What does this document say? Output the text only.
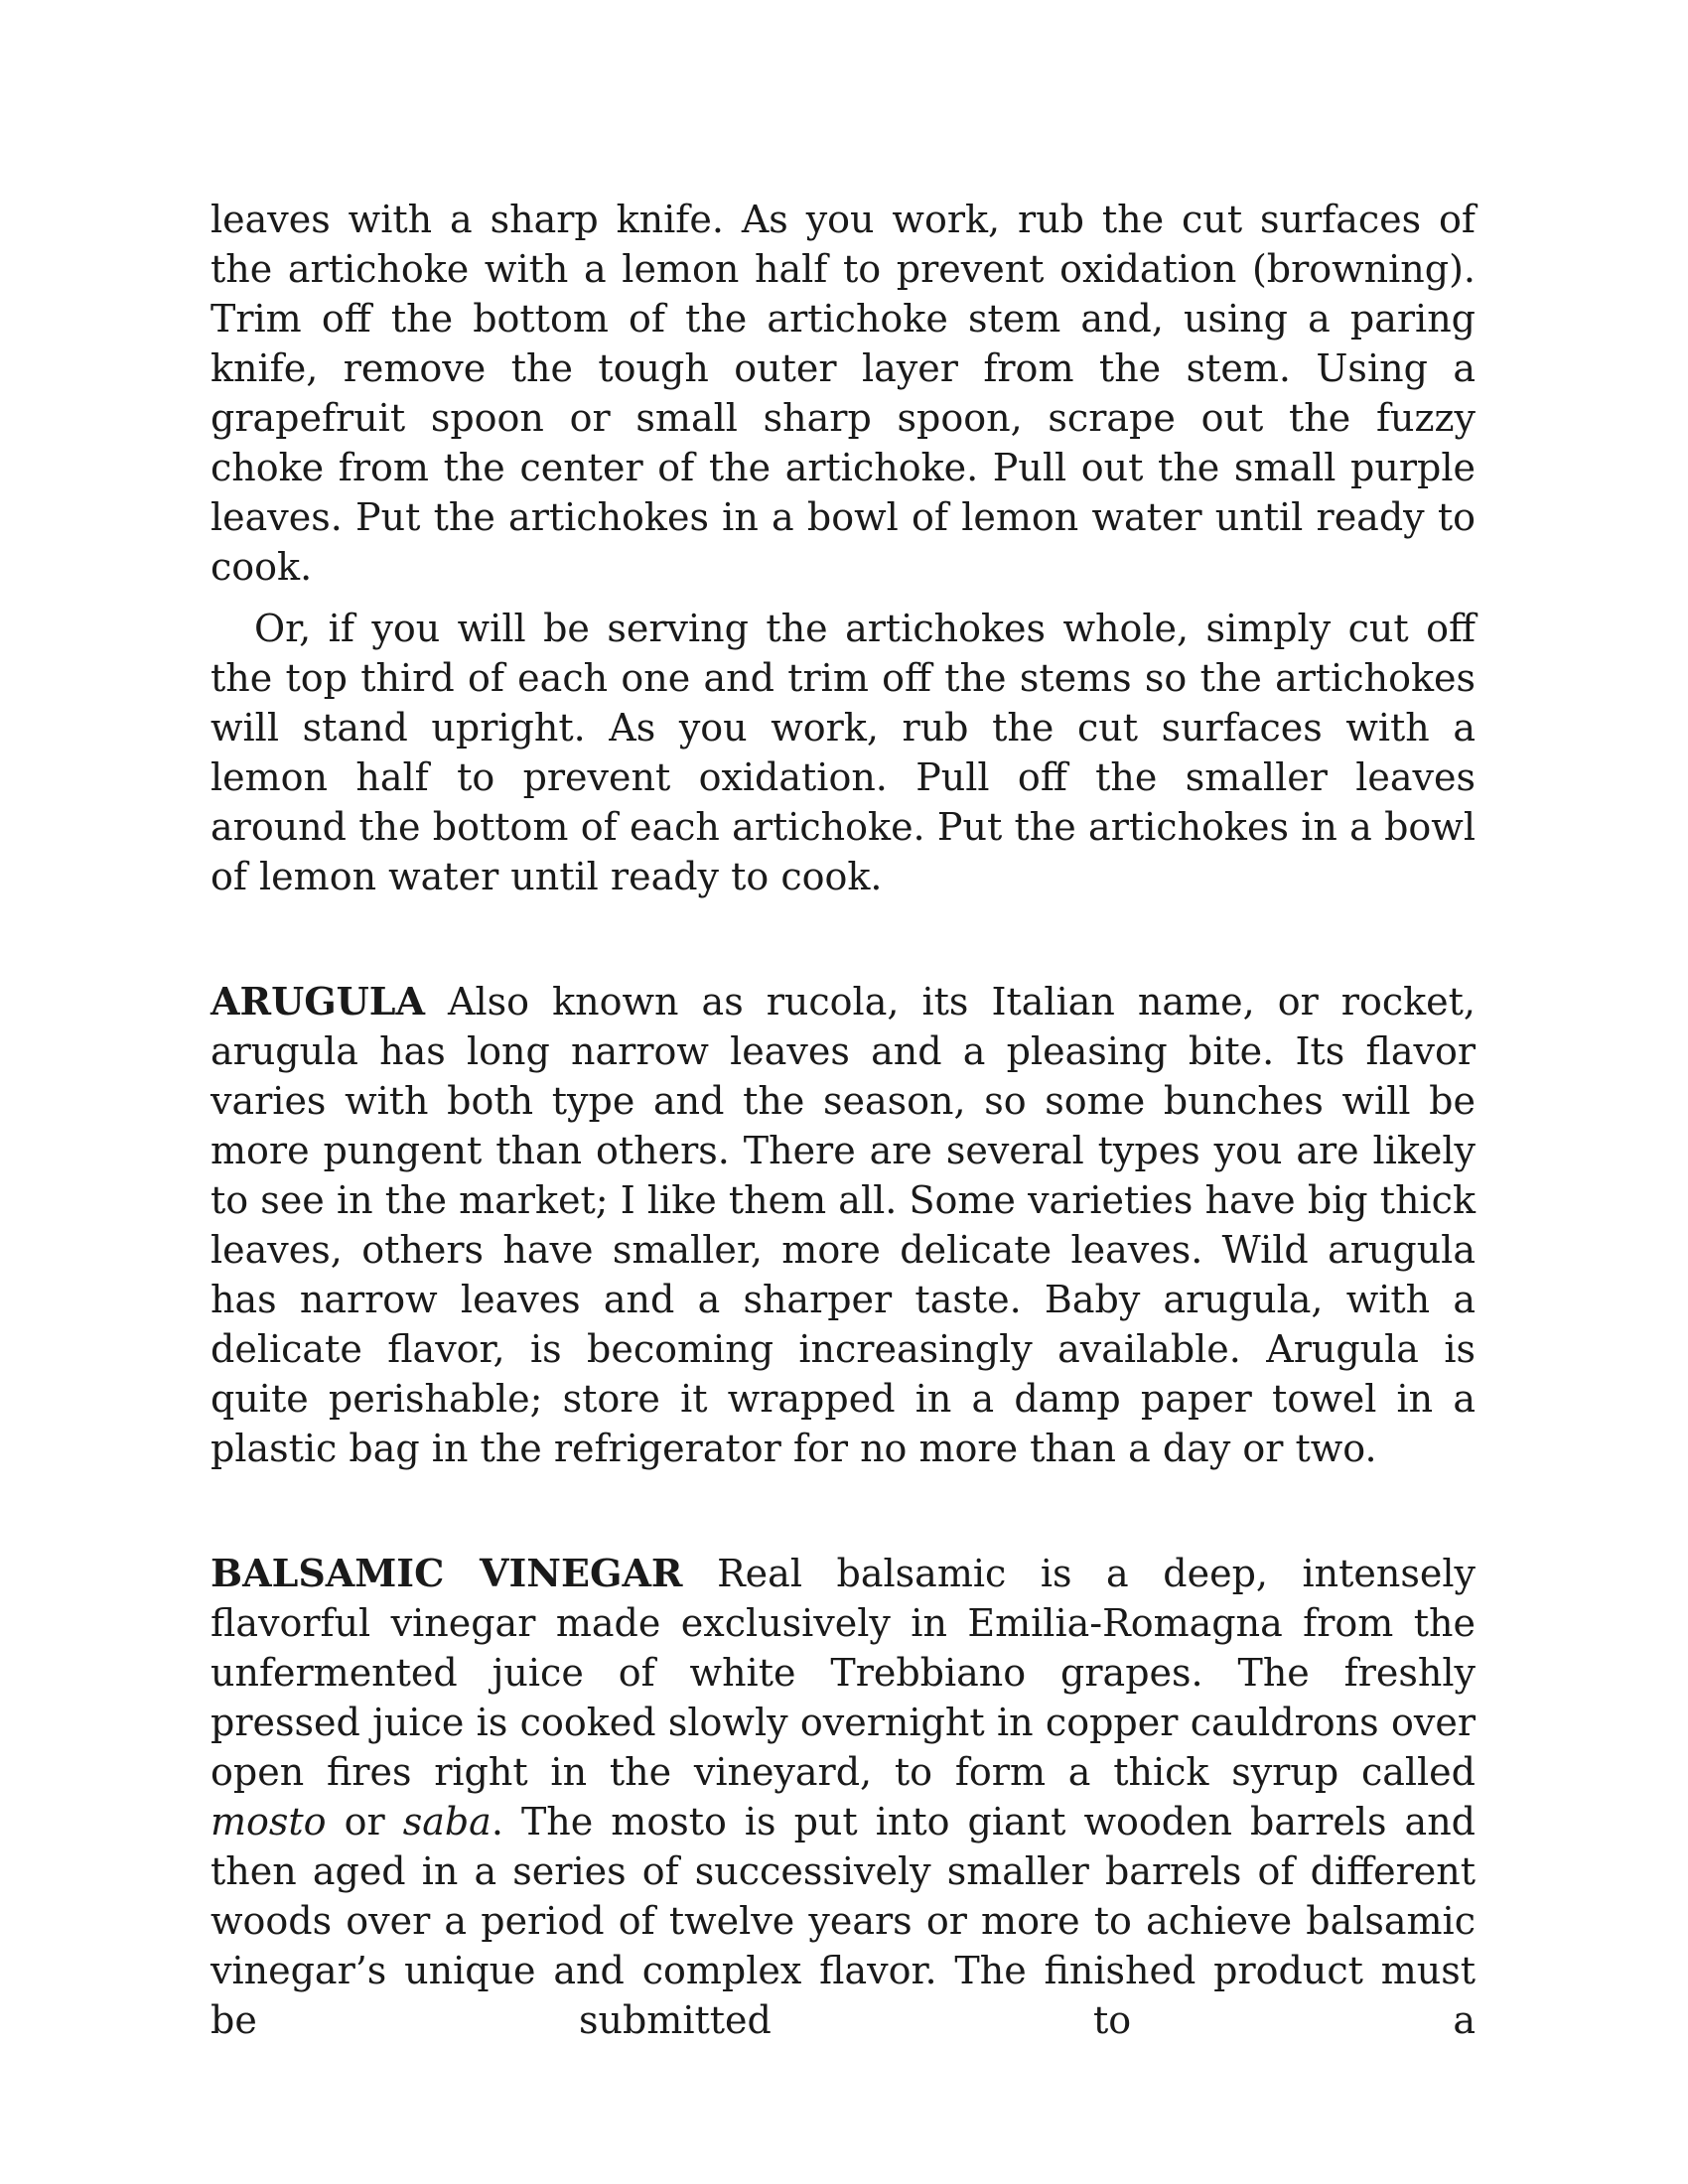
leaves with a sharp knife. As you work, rub the cut surfaces of the artichoke with a lemon half to prevent oxidation (browning). Trim off the bottom of the artichoke stem and, using a paring knife, remove the tough outer layer from the stem. Using a grapefruit spoon or small sharp spoon, scrape out the fuzzy choke from the center of the artichoke. Pull out the small purple leaves. Put the artichokes in a bowl of lemon water until ready to cook.

Or, if you will be serving the artichokes whole, simply cut off the top third of each one and trim off the stems so the artichokes will stand upright. As you work, rub the cut surfaces with a lemon half to prevent oxidation. Pull off the smaller leaves around the bottom of each artichoke. Put the artichokes in a bowl of lemon water until ready to cook.

ARUGULA Also known as rucola, its Italian name, or rocket, arugula has long narrow leaves and a pleasing bite. Its flavor varies with both type and the season, so some bunches will be more pungent than others. There are several types you are likely to see in the market; I like them all. Some varieties have big thick leaves, others have smaller, more delicate leaves. Wild arugula has narrow leaves and a sharper taste. Baby arugula, with a delicate flavor, is becoming increasingly available. Arugula is quite perishable; store it wrapped in a damp paper towel in a plastic bag in the refrigerator for no more than a day or two.

BALSAMIC VINEGAR Real balsamic is a deep, intensely flavorful vinegar made exclusively in Emilia-Romagna from the unfermented juice of white Trebbiano grapes. The freshly pressed juice is cooked slowly overnight in copper cauldrons over open fires right in the vineyard, to form a thick syrup called mosto or saba. The mosto is put into giant wooden barrels and then aged in a series of successively smaller barrels of different woods over a period of twelve years or more to achieve balsamic vinegar’s unique and complex flavor. The finished product must be submitted to a
